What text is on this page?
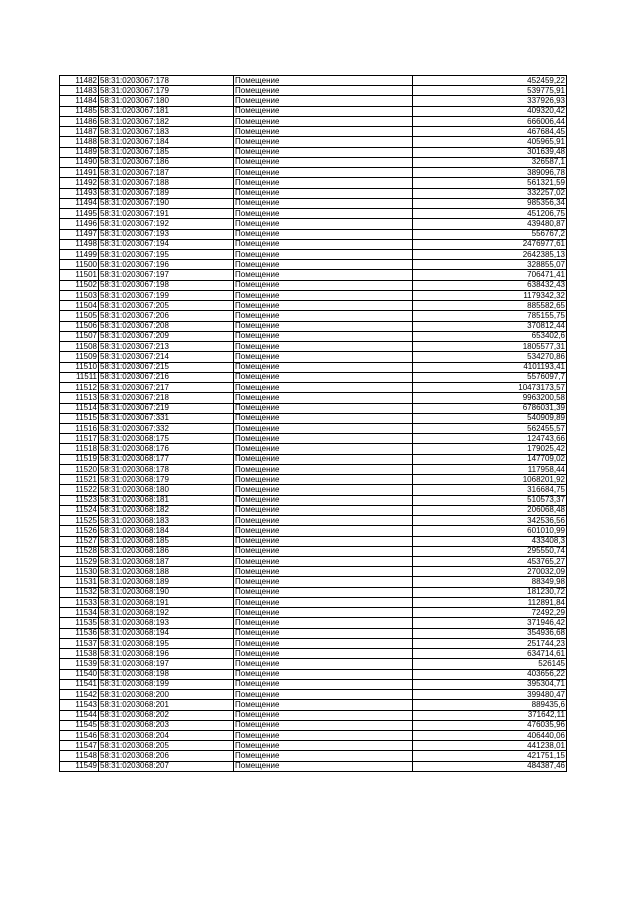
11482	58:31:0203067:178	Помещение	452459,22
11483	58:31:0203067:179	Помещение	539775,91
11484	58:31:0203067:180	Помещение	337926,93
11485	58:31:0203067:181	Помещение	409320,42
11486	58:31:0203067:182	Помещение	666006,44
11487	58:31:0203067:183	Помещение	467684,45
11488	58:31:0203067:184	Помещение	405965,91
11489	58:31:0203067:185	Помещение	301639,48
11490	58:31:0203067:186	Помещение	326587,1
11491	58:31:0203067:187	Помещение	389096,78
11492	58:31:0203067:188	Помещение	561321,59
11493	58:31:0203067:189	Помещение	332257,02
11494	58:31:0203067:190	Помещение	985356,34
11495	58:31:0203067:191	Помещение	451206,75
11496	58:31:0203067:192	Помещение	439480,87
11497	58:31:0203067:193	Помещение	556767,2
11498	58:31:0203067:194	Помещение	2476977,61
11499	58:31:0203067:195	Помещение	2642385,13
11500	58:31:0203067:196	Помещение	328855,07
11501	58:31:0203067:197	Помещение	706471,41
11502	58:31:0203067:198	Помещение	638432,43
11503	58:31:0203067:199	Помещение	1179342,32
11504	58:31:0203067:205	Помещение	885582,65
11505	58:31:0203067:206	Помещение	785155,75
11506	58:31:0203067:208	Помещение	370812,44
11507	58:31:0203067:209	Помещение	653402,6
11508	58:31:0203067:213	Помещение	1805577,31
11509	58:31:0203067:214	Помещение	534270,86
11510	58:31:0203067:215	Помещение	4101193,41
11511	58:31:0203067:216	Помещение	5576097,7
11512	58:31:0203067:217	Помещение	10473173,57
11513	58:31:0203067:218	Помещение	9963200,58
11514	58:31:0203067:219	Помещение	6786031,39
11515	58:31:0203067:331	Помещение	540909,89
11516	58:31:0203067:332	Помещение	562455,57
11517	58:31:0203068:175	Помещение	124743,66
11518	58:31:0203068:176	Помещение	179025,42
11519	58:31:0203068:177	Помещение	147709,02
11520	58:31:0203068:178	Помещение	117958,44
11521	58:31:0203068:179	Помещение	1068201,92
11522	58:31:0203068:180	Помещение	316684,75
11523	58:31:0203068:181	Помещение	510573,37
11524	58:31:0203068:182	Помещение	206068,48
11525	58:31:0203068:183	Помещение	342536,56
11526	58:31:0203068:184	Помещение	601010,99
11527	58:31:0203068:185	Помещение	433408,3
11528	58:31:0203068:186	Помещение	295550,74
11529	58:31:0203068:187	Помещение	453765,27
11530	58:31:0203068:188	Помещение	270032,09
11531	58:31:0203068:189	Помещение	88349,98
11532	58:31:0203068:190	Помещение	181230,72
11533	58:31:0203068:191	Помещение	112891,84
11534	58:31:0203068:192	Помещение	72492,29
11535	58:31:0203068:193	Помещение	371946,42
11536	58:31:0203068:194	Помещение	354936,68
11537	58:31:0203068:195	Помещение	251744,23
11538	58:31:0203068:196	Помещение	634714,61
11539	58:31:0203068:197	Помещение	526145
11540	58:31:0203068:198	Помещение	403656,22
11541	58:31:0203068:199	Помещение	395304,71
11542	58:31:0203068:200	Помещение	399480,47
11543	58:31:0203068:201	Помещение	889435,6
11544	58:31:0203068:202	Помещение	371642,11
11545	58:31:0203068:203	Помещение	476035,96
11546	58:31:0203068:204	Помещение	406440,06
11547	58:31:0203068:205	Помещение	441238,01
11548	58:31:0203068:206	Помещение	421751,15
11549	58:31:0203068:207	Помещение	484387,46
